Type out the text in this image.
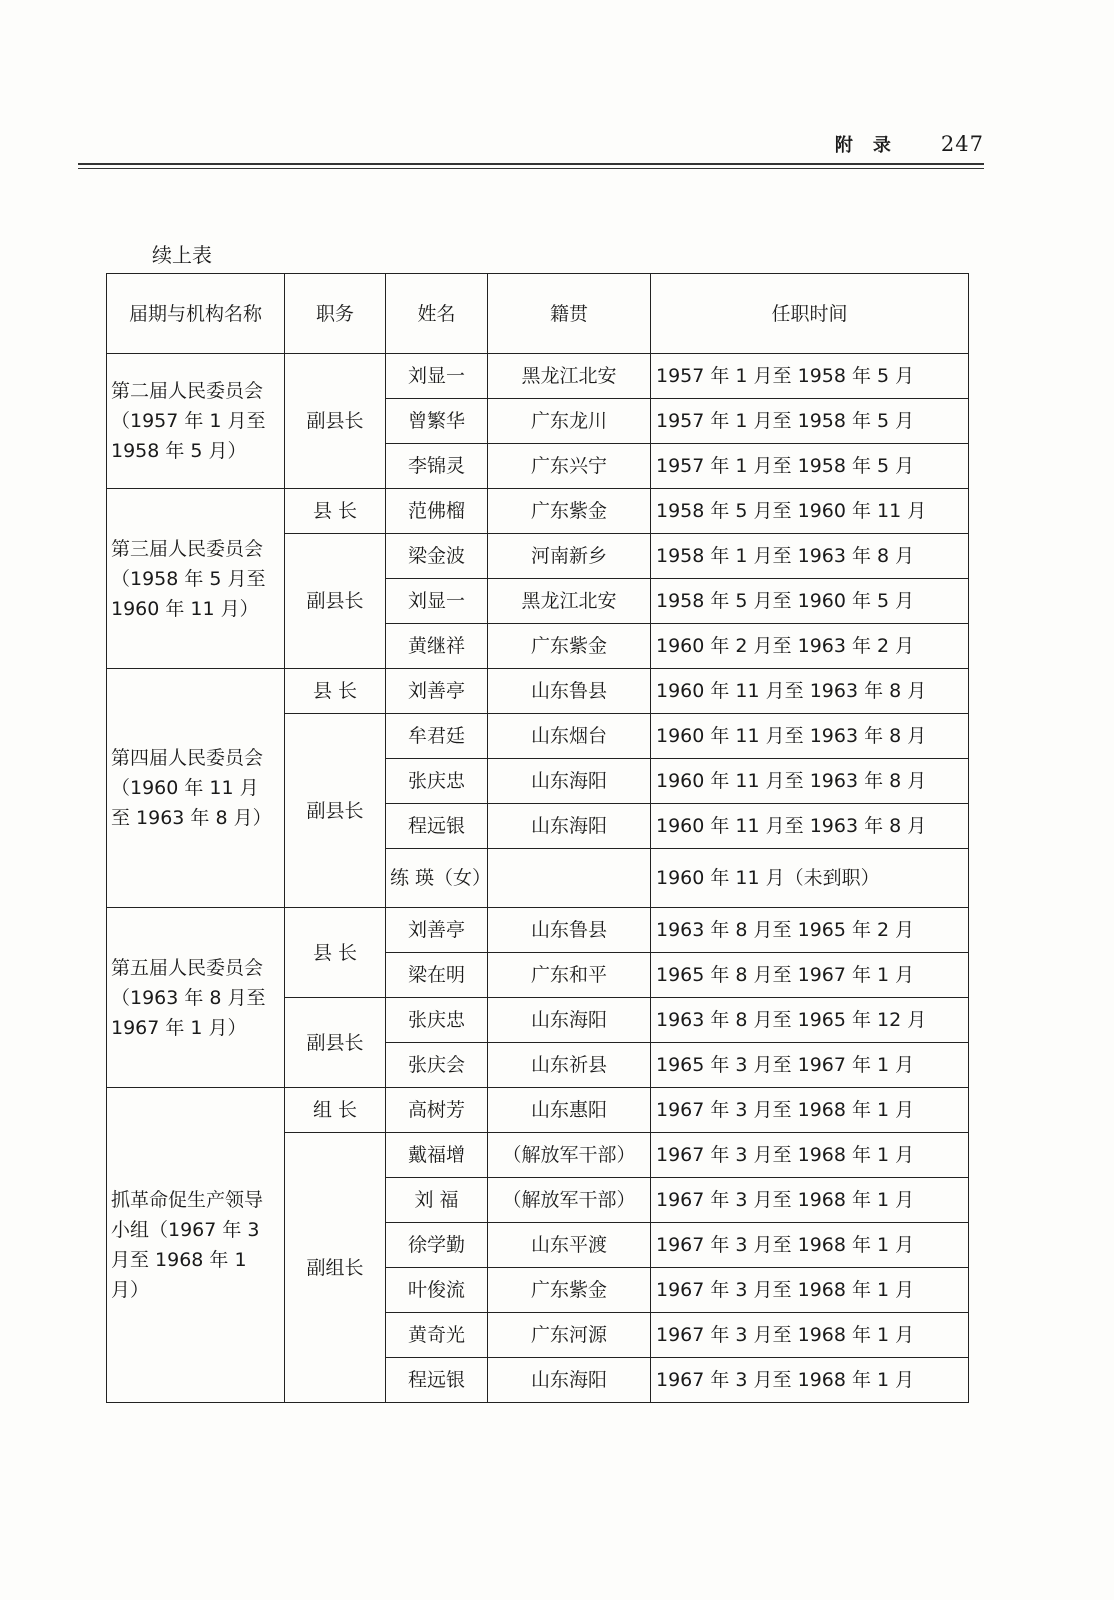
附录 247
续上表
届期与机构名称	职务	姓名	籍贯	任职时间
第二届人民委员会（1957 年 1 月至 1958 年 5 月）	副县长	刘显一	黑龙江北安	1957 年 1 月至 1958 年 5 月
		曾繁华	广东龙川	1957 年 1 月至 1958 年 5 月
		李锦灵	广东兴宁	1957 年 1 月至 1958 年 5 月
第三届人民委员会（1958 年 5 月至 1960 年 11 月）	县 长	范佛榴	广东紫金	1958 年 5 月至 1960 年 11 月
	副县长	梁金波	河南新乡	1958 年 1 月至 1963 年 8 月
		刘显一	黑龙江北安	1958 年 5 月至 1960 年 5 月
		黄继祥	广东紫金	1960 年 2 月至 1963 年 2 月
第四届人民委员会（1960 年 11 月 至 1963 年 8 月）	县 长	刘善亭	山东鲁县	1960 年 11 月至 1963 年 8 月
	副县长	牟君廷	山东烟台	1960 年 11 月至 1963 年 8 月
		张庆忠	山东海阳	1960 年 11 月至 1963 年 8 月
		程远银	山东海阳	1960 年 11 月至 1963 年 8 月
		练 瑛（女）		1960 年 11 月（未到职）
第五届人民委员会（1963 年 8 月至 1967 年 1 月）	县 长	刘善亭	山东鲁县	1963 年 8 月至 1965 年 2 月
		梁在明	广东和平	1965 年 8 月至 1967 年 1 月
	副县长	张庆忠	山东海阳	1963 年 8 月至 1965 年 12 月
		张庆会	山东祈县	1965 年 3 月至 1967 年 1 月
抓革命促生产领导小组（1967 年 3 月至 1968 年 1 月）	组 长	高树芳	山东惠阳	1967 年 3 月至 1968 年 1 月
	副组长	戴福增	（解放军干部）	1967 年 3 月至 1968 年 1 月
		刘 福	（解放军干部）	1967 年 3 月至 1968 年 1 月
		徐学勤	山东平渡	1967 年 3 月至 1968 年 1 月
		叶俊流	广东紫金	1967 年 3 月至 1968 年 1 月
		黄奇光	广东河源	1967 年 3 月至 1968 年 1 月
		程远银	山东海阳	1967 年 3 月至 1968 年 1 月
